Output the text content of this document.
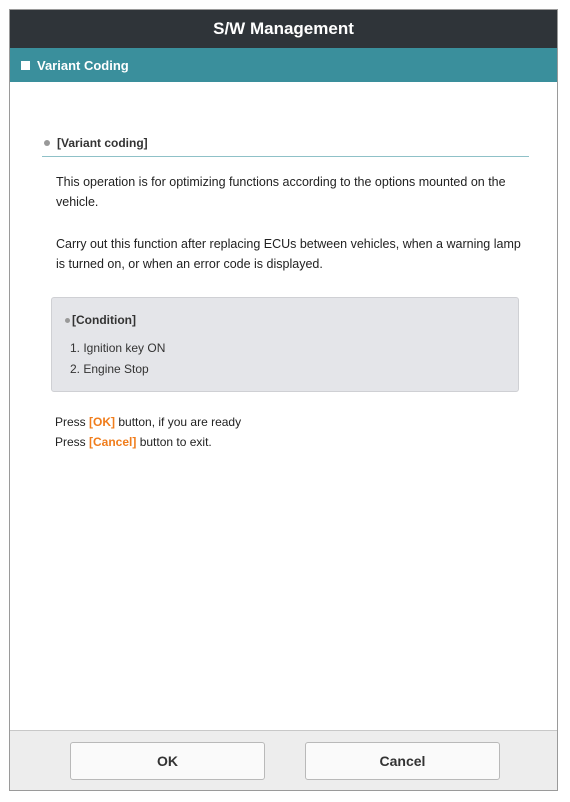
S/W Management
Variant Coding
[Variant coding]
This operation is for optimizing functions according to the options mounted on the vehicle.
Carry out this function after replacing ECUs between vehicles, when a warning lamp is turned on, or when an error code is displayed.
[Condition]
1. Ignition key ON
2. Engine Stop
Press [OK] button, if you are ready
Press [Cancel] button to exit.
OK	Cancel
